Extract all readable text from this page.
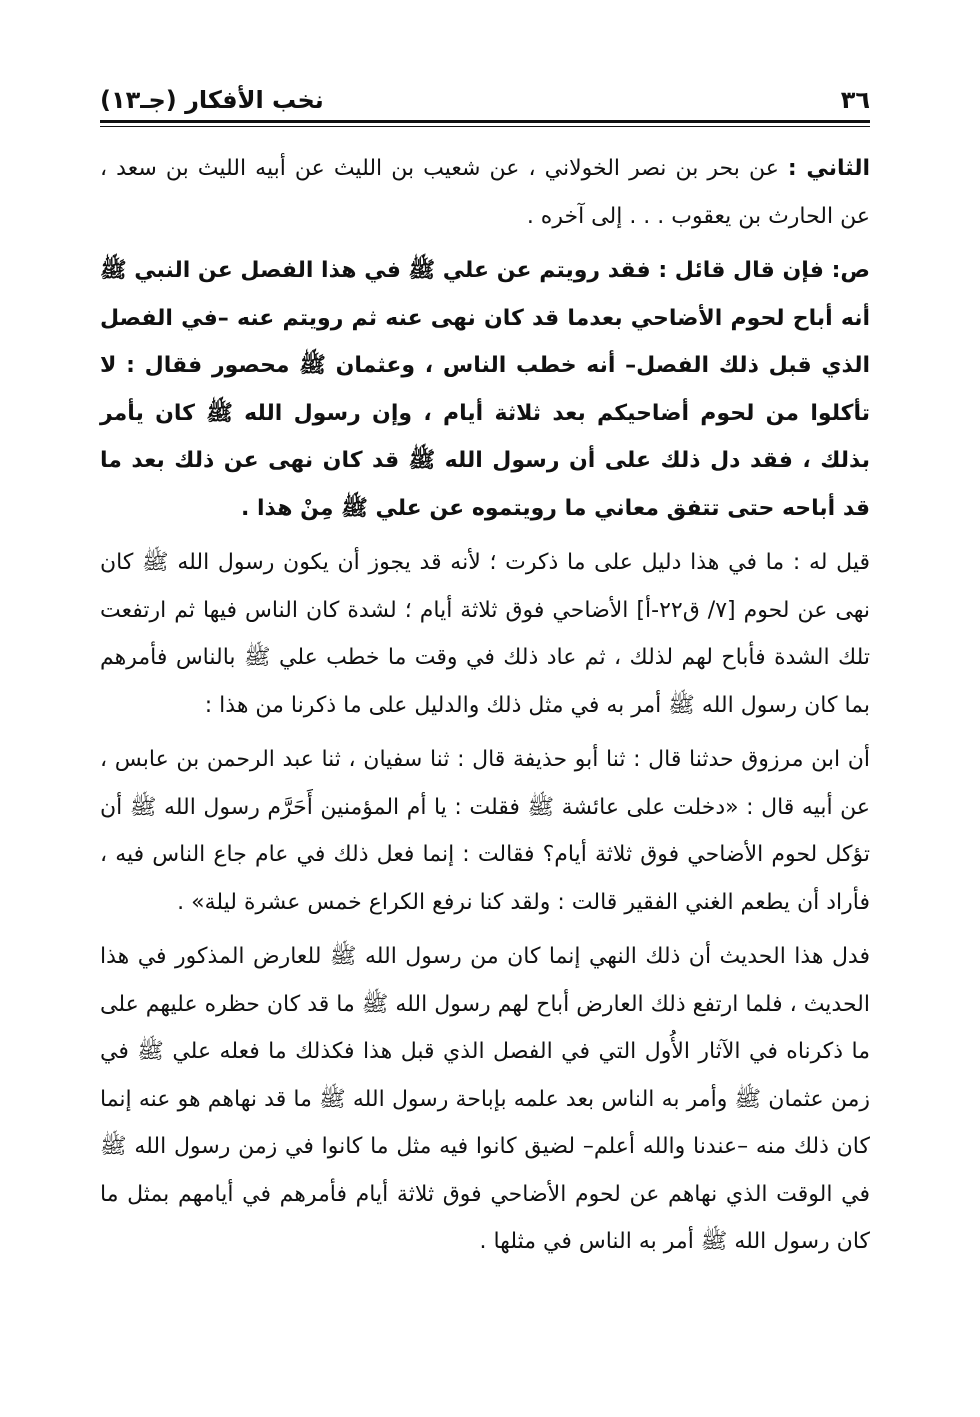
٣٦
نخب الأفكار (جـ١٣)

الثاني : عن بحر بن نصر الخولاني ، عن شعيب بن الليث عن أبيه الليث بن سعد ، عن الحارث بن يعقوب . . . إلى آخره .

ص: فإن قال قائل : فقد رويتم عن علي ﷺ في هذا الفصل عن النبي ﷺ أنه أباح لحوم الأضاحي بعدما قد كان نهى عنه ثم رويتم عنه –في الفصل الذي قبل ذلك الفصل– أنه خطب الناس ، وعثمان ﷺ محصور فقال : لا تأكلوا من لحوم أضاحيكم بعد ثلاثة أيام ، وإن رسول الله ﷺ كان يأمر بذلك ، فقد دل ذلك على أن رسول الله ﷺ قد كان نهى عن ذلك بعد ما قد أباحه حتى تتفق معاني ما رويتموه عن علي ﷺ مِنْ هذا .

قيل له : ما في هذا دليل على ما ذكرت ؛ لأنه قد يجوز أن يكون رسول الله ﷺ كان نهى عن لحوم [٧/ ق٢٢-أ] الأضاحي فوق ثلاثة أيام ؛ لشدة كان الناس فيها ثم ارتفعت تلك الشدة فأباح لهم لذلك ، ثم عاد ذلك في وقت ما خطب علي ﷺ بالناس فأمرهم بما كان رسول الله ﷺ أمر به في مثل ذلك والدليل على ما ذكرنا من هذا :

أن ابن مرزوق حدثنا قال : ثنا أبو حذيفة قال : ثنا سفيان ، ثنا عبد الرحمن بن عابس ، عن أبيه قال : «دخلت على عائشة ﷺ فقلت : يا أم المؤمنين أَحَرَّم رسول الله ﷺ أن تؤكل لحوم الأضاحي فوق ثلاثة أيام؟ فقالت : إنما فعل ذلك في عام جاع الناس فيه ، فأراد أن يطعم الغني الفقير قالت : ولقد كنا نرفع الكراع خمس عشرة ليلة» .

فدل هذا الحديث أن ذلك النهي إنما كان من رسول الله ﷺ للعارض المذكور في هذا الحديث ، فلما ارتفع ذلك العارض أباح لهم رسول الله ﷺ ما قد كان حظره عليهم على ما ذكرناه في الآثار الأُول التي في الفصل الذي قبل هذا فكذلك ما فعله علي ﷺ في زمن عثمان ﷺ وأمر به الناس بعد علمه بإباحة رسول الله ﷺ ما قد نهاهم هو عنه إنما كان ذلك منه –عندنا والله أعلم– لضيق كانوا فيه مثل ما كانوا في زمن رسول الله ﷺ في الوقت الذي نهاهم عن لحوم الأضاحي فوق ثلاثة أيام فأمرهم في أيامهم بمثل ما كان رسول الله ﷺ أمر به الناس في مثلها .
